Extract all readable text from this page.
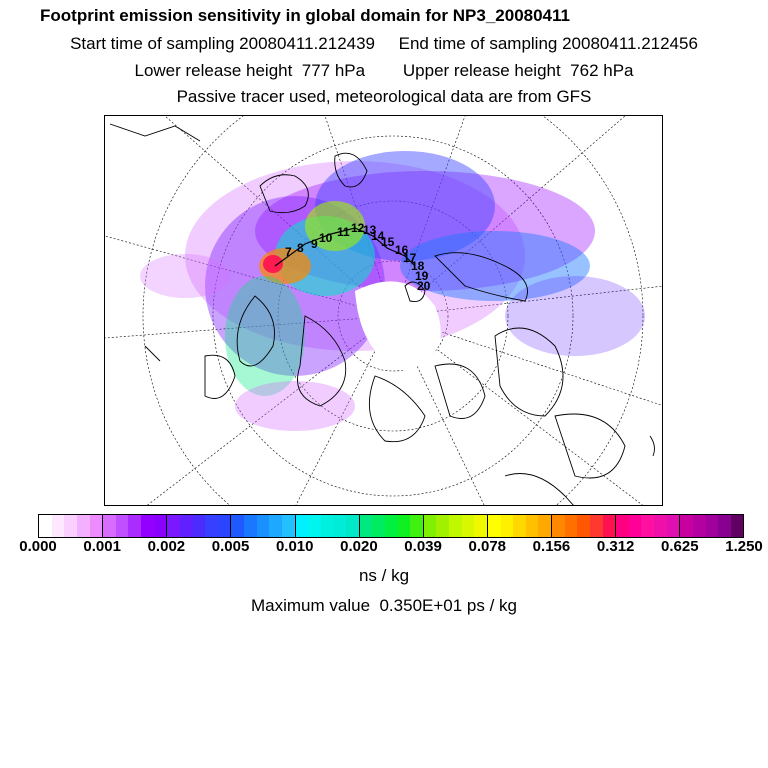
Footprint emission sensitivity in global domain for NP3_20080411
Start time of sampling 20080411.212439     End time of sampling 20080411.212456
Lower release height  777 hPa        Upper release height  762 hPa
Passive tracer used, meteorological data are from GFS
7 8 9 10 11 12
13
14
15
16
17
18
19
20
0.000 0.001 0.002 0.005 0.010 0.020 0.039 0.078 0.156 0.312 0.625 1.250
ns / kg
Maximum value  0.350E+01 ps / kg
